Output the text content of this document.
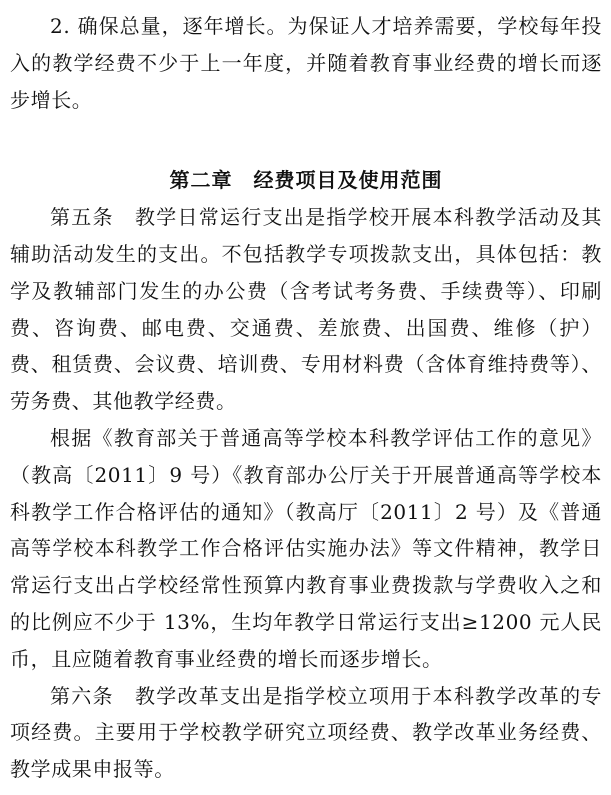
2. 确保总量，逐年增长。为保证人才培养需要，学校每年投入的教学经费不少于上一年度，并随着教育事业经费的增长而逐步增长。

第二章　经费项目及使用范围

第五条　教学日常运行支出是指学校开展本科教学活动及其辅助活动发生的支出。不包括教学专项拨款支出，具体包括：教学及教辅部门发生的办公费（含考试考务费、手续费等）、印刷费、咨询费、邮电费、交通费、差旅费、出国费、维修（护）费、租赁费、会议费、培训费、专用材料费（含体育维持费等）、劳务费、其他教学经费。

根据《教育部关于普通高等学校本科教学评估工作的意见》（教高〔2011〕9 号）《教育部办公厅关于开展普通高等学校本科教学工作合格评估的通知》（教高厅〔2011〕2 号）及《普通高等学校本科教学工作合格评估实施办法》等文件精神，教学日常运行支出占学校经常性预算内教育事业费拨款与学费收入之和的比例应不少于 13%，生均年教学日常运行支出≥1200 元人民币，且应随着教育事业经费的增长而逐步增长。

第六条　教学改革支出是指学校立项用于本科教学改革的专项经费。主要用于学校教学研究立项经费、教学改革业务经费、教学成果申报等。
